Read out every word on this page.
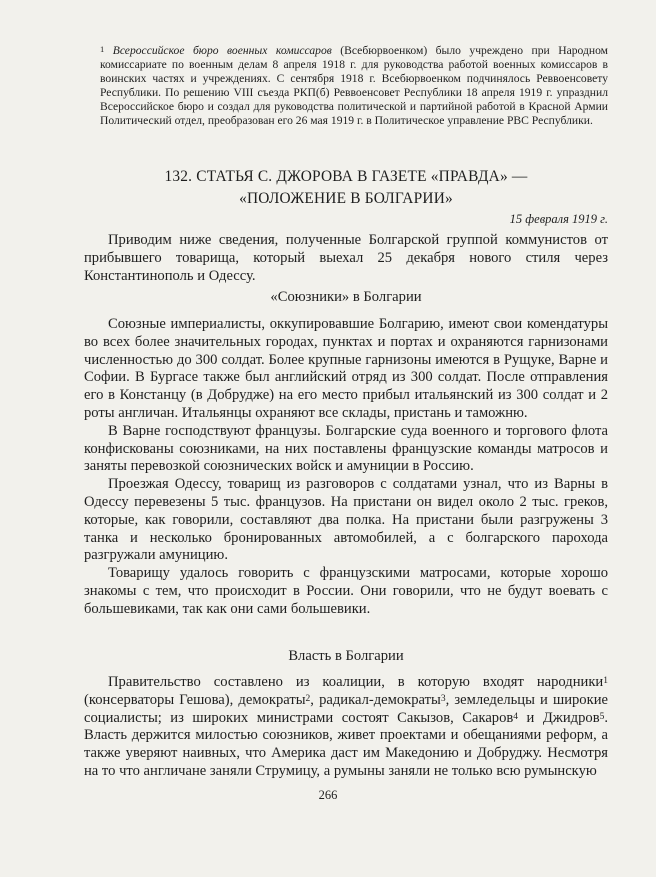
$^1$ Всероссийское бюро военных комиссаров (Всебюрвоенком) было учреждено при Народном комиссариате по военным делам 8 апреля 1918 г. для руководства работой военных комиссаров в воинских частях и учреждениях. С сентября 1918 г. Всебюрвоенком подчинялось Реввоенсовету Республики. По решению VIII съезда РКП(б) Реввоенсовет Республики 18 апреля 1919 г. упразднил Всероссийское бюро и создал для руководства политической и партийной работой в Красной Армии Политический отдел, преобразован его 26 мая 1919 г. в Политическое управление РВС Республики.
132. СТАТЬЯ С. ДЖОРОВА В ГАЗЕТЕ «ПРАВДА» —
«ПОЛОЖЕНИЕ В БОЛГАРИИ»
15 февраля 1919 г.

Приводим ниже сведения, полученные Болгарской группой коммунистов от прибывшего товарища, который выехал 25 декабря нового стиля через Константинополь и Одессу.

«Союзники» в Болгарии

Союзные империалисты, оккупировавшие Болгарию, имеют свои комендатуры во всех более значительных городах, пунктах и портах и охраняются гарнизонами численностью до 300 солдат. Более крупные гарнизоны имеются в Рущуке, Варне и Софии. В Бургасе также был английский отряд из 300 солдат. После отправления его в Констанцу (в Добрудже) на его место прибыл итальянский из 300 солдат и 2 роты англичан. Итальянцы охраняют все склады, пристань и таможню.

В Варне господствуют французы. Болгарские суда военного и торгового флота конфискованы союзниками, на них поставлены французские команды матросов и заняты перевозкой союзнических войск и амуниции в Россию.

Проезжая Одессу, товарищ из разговоров с солдатами узнал, что из Варны в Одессу перевезены 5 тыс. французов. На пристани он видел около 2 тыс. греков, которые, как говорили, составляют два полка. На пристани были разгружены 3 танка и несколько бронированных автомобилей, а с болгарского парохода разгружали амуницию.

Товарищу удалось говорить с французскими матросами, которые хорошо знакомы с тем, что происходит в России. Они говорили, что не будут воевать с большевиками, так как они сами большевики.

Власть в Болгарии

Правительство составлено из коалиции, в которую входят народники$^1$ (консерваторы Гешова), демократы$^2$, радикал-демократы$^3$, земледельцы и широкие социалисты; из широких министрами состоят Сакызов, Сакаров$^4$ и Джидров$^5$. Власть держится милостью союзников, живет проектами и обещаниями реформ, а также уверяют наивных, что Америка даст им Македонию и Добруджу. Несмотря на то что англичане заняли Струмицу, а румыны заняли не только всю румынскую

266
